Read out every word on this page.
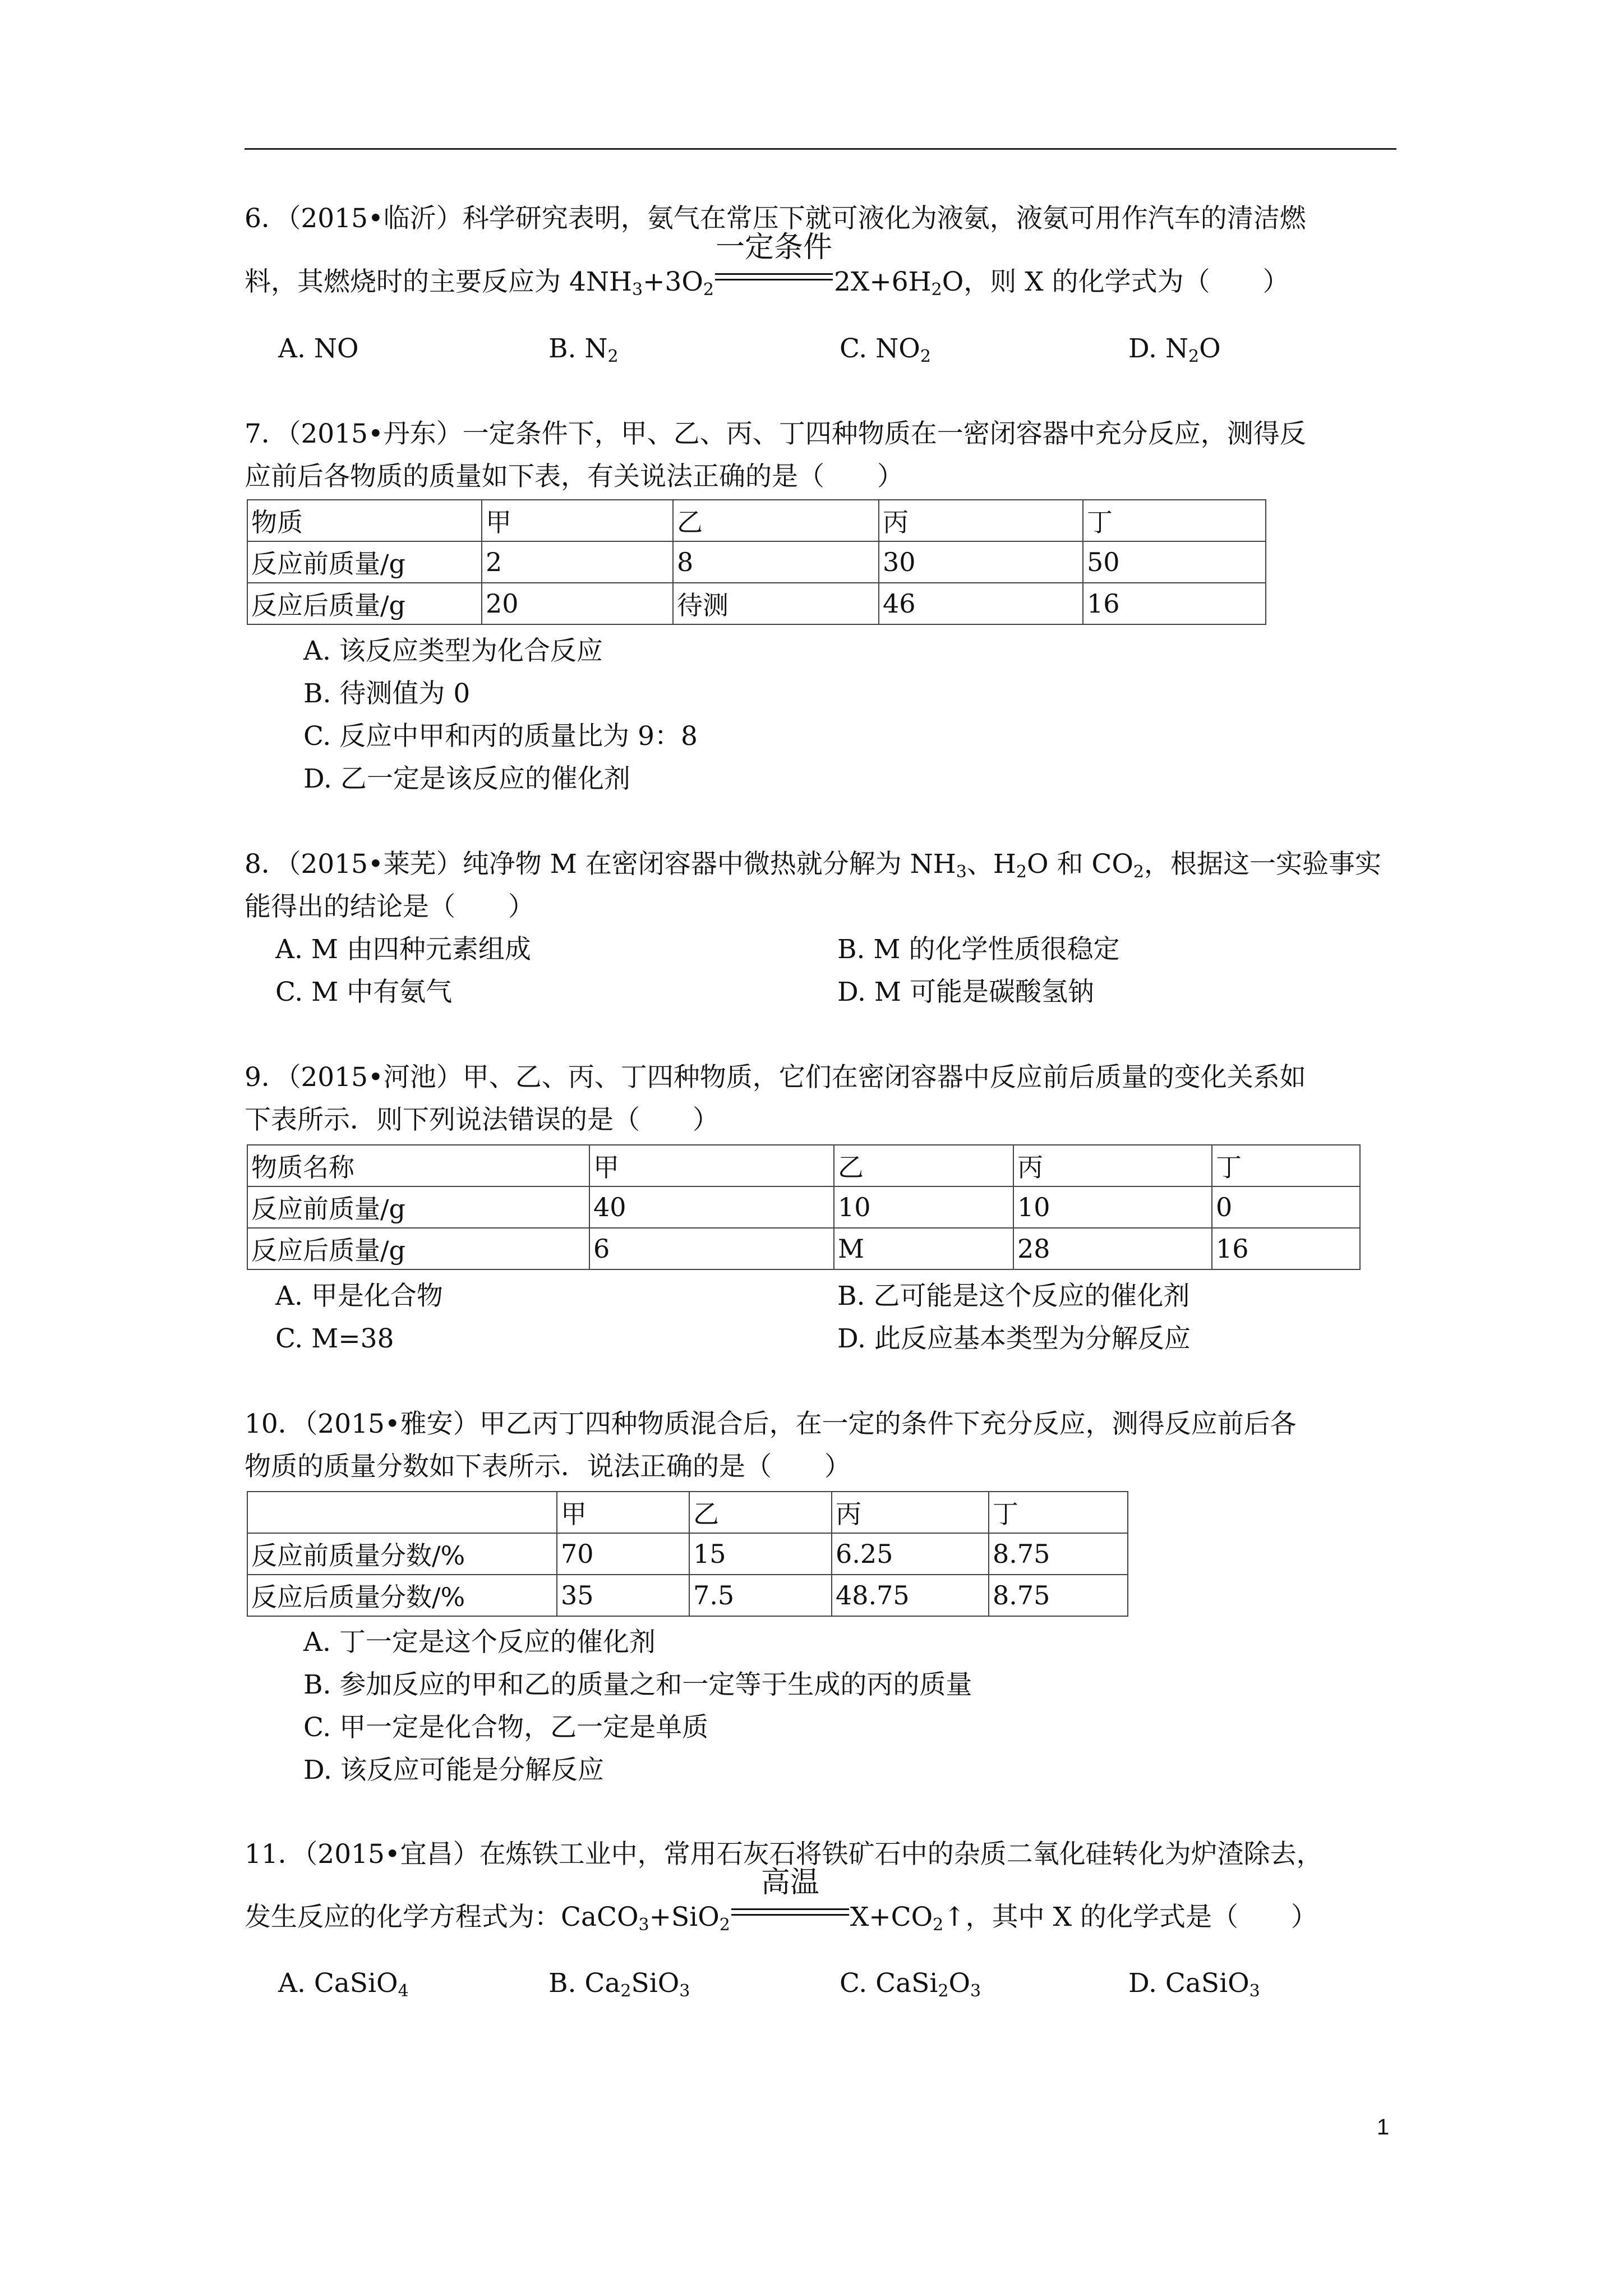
6．（2015•临沂）科学研究表明，氨气在常压下就可液化为液氨，液氨可用作汽车的清洁燃
料，其燃烧时的主要反应为 $4NH_3+3O_2$
一定条件
$2X+6H_2O$，则 X 的化学式为（　　）
A. NO	B. $N_2$	C. $NO_2$	D. $N_2O$
7．（2015•丹东）一定条件下，甲、乙、丙、丁四种物质在一密闭容器中充分反应，测得反
应前后各物质的质量如下表，有关说法正确的是（　　）
物质	甲	乙	丙	丁
反应前质量/g	2	8	30	50
反应后质量/g	20	待测	46	16
A. 该反应类型为化合反应
B. 待测值为 0
C. 反应中甲和丙的质量比为 9：8
D. 乙一定是该反应的催化剂
8．（2015•莱芜）纯净物 M 在密闭容器中微热就分解为 $NH_3$、$H_2O$ 和 $CO_2$，根据这一实验事实
能得出的结论是（　　）
A. M 由四种元素组成	B. M 的化学性质很稳定
C. M 中有氨气	D. M 可能是碳酸氢钠
9．（2015•河池）甲、乙、丙、丁四种物质，它们在密闭容器中反应前后质量的变化关系如
下表所示．则下列说法错误的是（　　）
物质名称	甲	乙	丙	丁
反应前质量/g	40	10	10	0
反应后质量/g	6	M	28	16
A. 甲是化合物	B. 乙可能是这个反应的催化剂
C. M=38	D. 此反应基本类型为分解反应
10．（2015•雅安）甲乙丙丁四种物质混合后，在一定的条件下充分反应，测得反应前后各
物质的质量分数如下表所示．说法正确的是（　　）
	甲	乙	丙	丁
反应前质量分数/%	70	15	6.25	8.75
反应后质量分数/%	35	7.5	48.75	8.75
A. 丁一定是这个反应的催化剂
B. 参加反应的甲和乙的质量之和一定等于生成的丙的质量
C. 甲一定是化合物，乙一定是单质
D. 该反应可能是分解反应
11．（2015•宜昌）在炼铁工业中，常用石灰石将铁矿石中的杂质二氧化硅转化为炉渣除去，
发生反应的化学方程式为：CaCO$_3$+SiO$_2$
高温
$X+CO_2↑$，其中 X 的化学式是（　　）
A. CaSiO$_4$	B. $Ca_2SiO_3$	C. $CaSi_2O_3$	D. CaSiO$_3$
1
